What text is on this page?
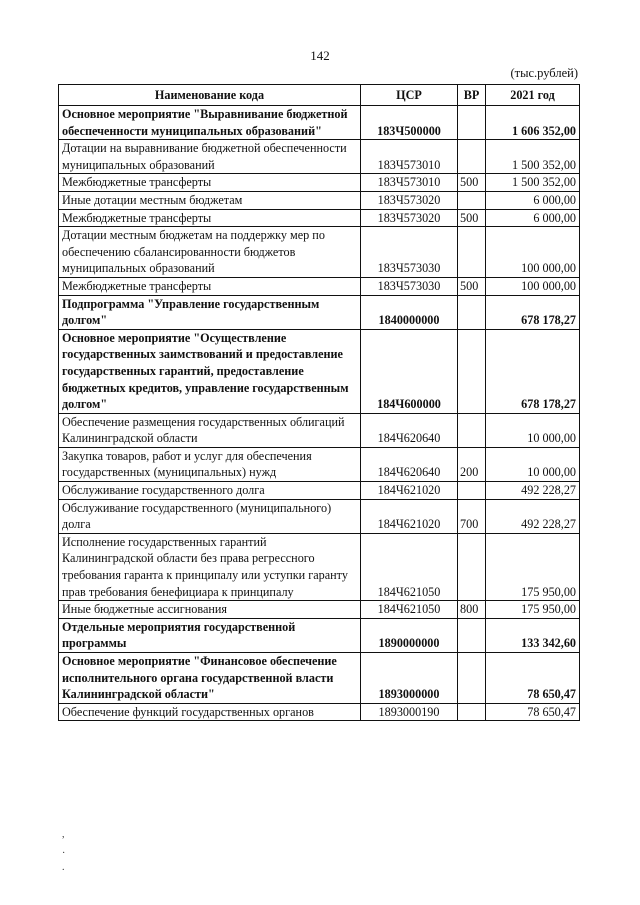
142
(тыс.рублей)
Наименование кода	ЦСР	ВР	2021 год
Основное мероприятие "Выравнивание бюджетной обеспеченности муниципальных образований"	183Ч500000		1 606 352,00
Дотации на выравнивание бюджетной обеспеченности муниципальных образований	183Ч573010		1 500 352,00
Межбюджетные трансферты	183Ч573010	500	1 500 352,00
Иные дотации местным бюджетам	183Ч573020		6 000,00
Межбюджетные трансферты	183Ч573020	500	6 000,00
Дотации местным бюджетам на поддержку мер по обеспечению сбалансированности бюджетов муниципальных образований	183Ч573030		100 000,00
Межбюджетные трансферты	183Ч573030	500	100 000,00
Подпрограмма "Управление государственным долгом"	1840000000		678 178,27
Основное мероприятие "Осуществление государственных заимствований и предоставление государственных гарантий, предоставление бюджетных кредитов, управление государственным долгом"	184Ч600000		678 178,27
Обеспечение размещения государственных облигаций Калининградской области	184Ч620640		10 000,00
Закупка товаров, работ и услуг для обеспечения государственных (муниципальных) нужд	184Ч620640	200	10 000,00
Обслуживание государственного долга	184Ч621020		492 228,27
Обслуживание государственного (муниципального) долга	184Ч621020	700	492 228,27
Исполнение государственных гарантий Калининградской области без права регрессного требования гаранта к принципалу или уступки гаранту прав требования бенефициара к принципалу	184Ч621050		175 950,00
Иные бюджетные ассигнования	184Ч621050	800	175 950,00
Отдельные мероприятия государственной программы	1890000000		133 342,60
Основное мероприятие "Финансовое обеспечение исполнительного органа государственной власти Калининградской области"	1893000000		78 650,47
Обеспечение функций государственных органов	1893000190		78 650,47
,
·
.
